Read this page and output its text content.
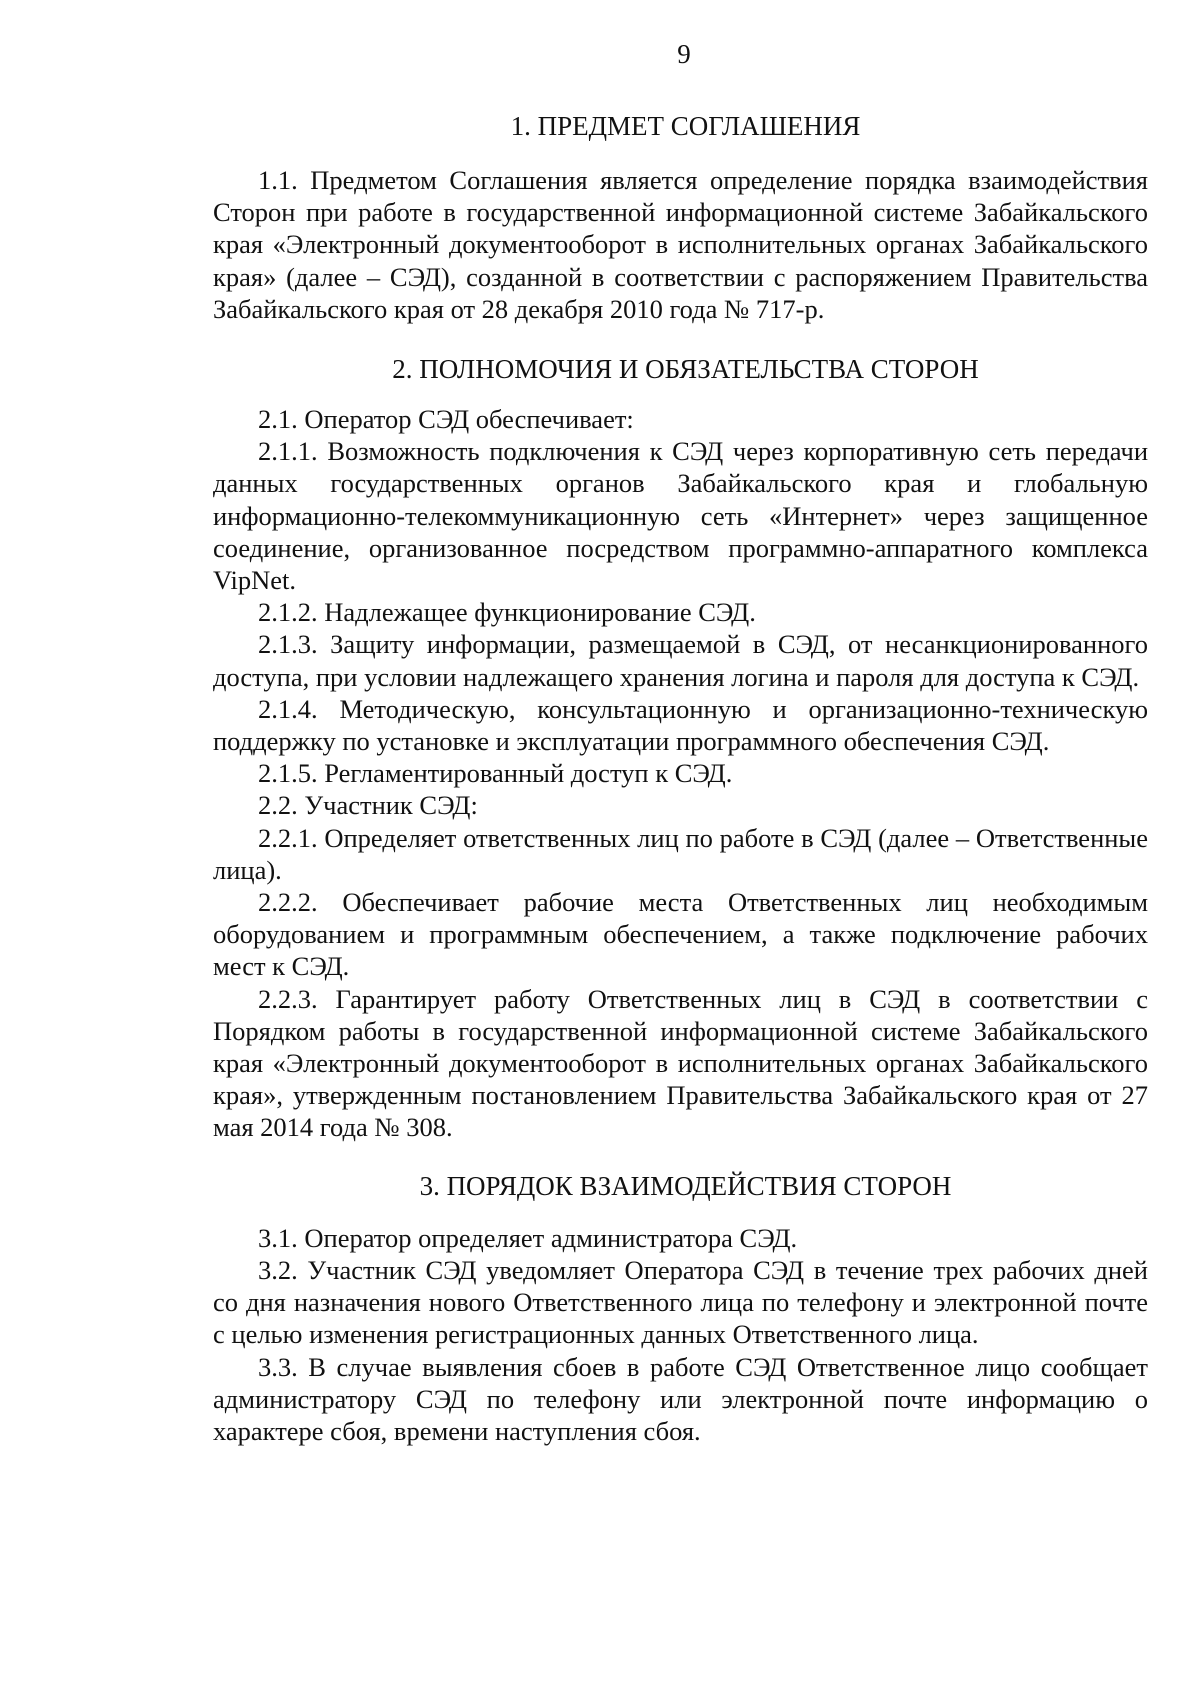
9
1. ПРЕДМЕТ СОГЛАШЕНИЯ

1.1. Предметом Соглашения является определение порядка взаимодействия Сторон при работе в государственной информационной системе Забайкальского края «Электронный документооборот в исполнительных органах Забайкальского края» (далее – СЭД), созданной в соответствии с распоряжением Правительства Забайкальского края от 28 декабря 2010 года № 717-р.

2. ПОЛНОМОЧИЯ И ОБЯЗАТЕЛЬСТВА СТОРОН

2.1. Оператор СЭД обеспечивает:

2.1.1. Возможность подключения к СЭД через корпоративную сеть передачи данных государственных органов Забайкальского края и глобальную информационно-телекоммуникационную сеть «Интернет» через защищенное соединение, организованное посредством программно-аппаратного комплекса VipNet.

2.1.2. Надлежащее функционирование СЭД.

2.1.3. Защиту информации, размещаемой в СЭД, от несанкционированного доступа, при условии надлежащего хранения логина и пароля для доступа к СЭД.

2.1.4. Методическую, консультационную и организационно-техническую поддержку по установке и эксплуатации программного обеспечения СЭД.

2.1.5. Регламентированный доступ к СЭД.

2.2. Участник СЭД:

2.2.1. Определяет ответственных лиц по работе в СЭД (далее – Ответственные лица).

2.2.2. Обеспечивает рабочие места Ответственных лиц необходимым оборудованием и программным обеспечением, а также подключение рабочих мест к СЭД.

2.2.3. Гарантирует работу Ответственных лиц в СЭД в соответствии с Порядком работы в государственной информационной системе Забайкальского края «Электронный документооборот в исполнительных органах Забайкальского края», утвержденным постановлением Правительства Забайкальского края от 27 мая 2014 года № 308.

3. ПОРЯДОК ВЗАИМОДЕЙСТВИЯ СТОРОН

3.1. Оператор определяет администратора СЭД.

3.2. Участник СЭД уведомляет Оператора СЭД в течение трех рабочих дней со дня назначения нового Ответственного лица по телефону и электронной почте с целью изменения регистрационных данных Ответственного лица.

3.3. В случае выявления сбоев в работе СЭД Ответственное лицо сообщает администратору СЭД по телефону или электронной почте информацию о характере сбоя, времени наступления сбоя.
